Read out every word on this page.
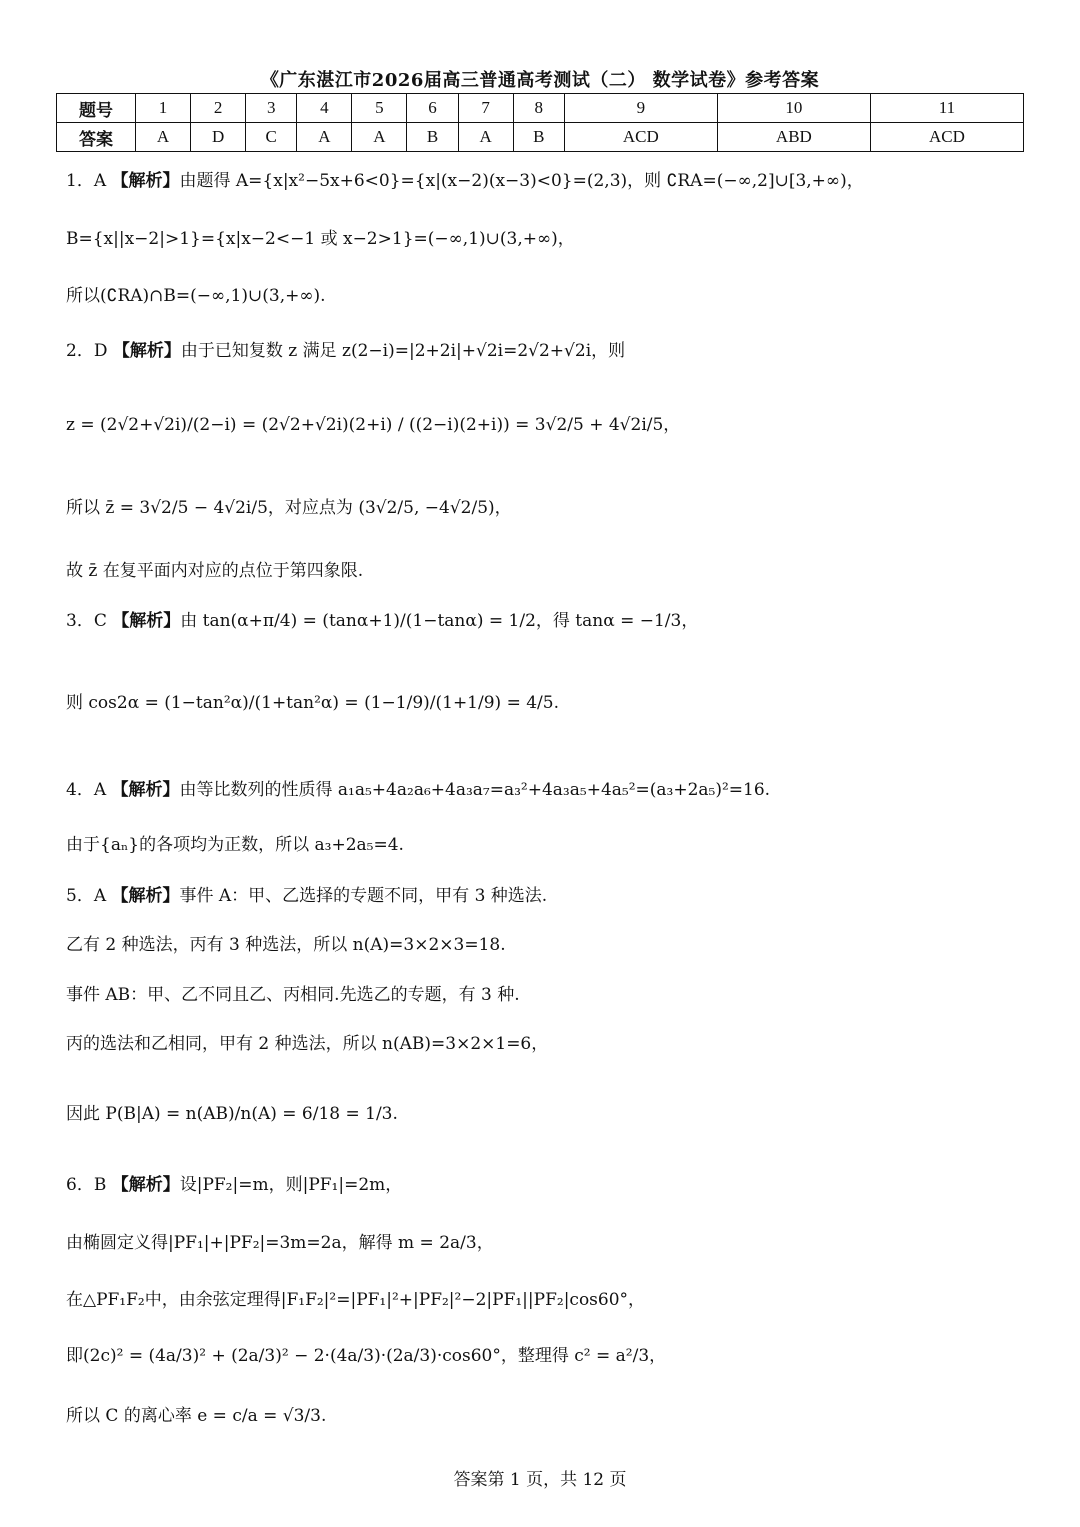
《广东湛江市2026届高三普通高考测试（二） 数学试卷》参考答案
题号	1	2	3	4	5	6	7	8	9	10	11
答案	A	D	C	A	A	B	A	B	ACD	ABD	ACD
1．A 【解析】由题得 A={x|x²−5x+6<0}={x|(x−2)(x−3)<0}=(2,3)，则 ∁RA=(−∞,2]∪[3,+∞)，
B={x||x−2|>1}={x|x−2<−1 或 x−2>1}=(−∞,1)∪(3,+∞)，
所以(∁RA)∩B=(−∞,1)∪(3,+∞).
2．D 【解析】由于已知复数 z 满足 z(2−i)=|2+2i|+√2i=2√2+√2i，则
z = (2√2+√2i)/(2−i) = (2√2+√2i)(2+i) / ((2−i)(2+i)) = 3√2/5 + 4√2i/5，
所以 z̄ = 3√2/5 − 4√2i/5，对应点为 (3√2/5, −4√2/5)，
故 z̄ 在复平面内对应的点位于第四象限.
3．C 【解析】由 tan(α+π/4) = (tanα+1)/(1−tanα) = 1/2，得 tanα = −1/3，
则 cos2α = (1−tan²α)/(1+tan²α) = (1−1/9)/(1+1/9) = 4/5.
4．A 【解析】由等比数列的性质得 a₁a₅+4a₂a₆+4a₃a₇=a₃²+4a₃a₅+4a₅²=(a₃+2a₅)²=16.
由于{aₙ}的各项均为正数，所以 a₃+2a₅=4.
5．A 【解析】事件 A：甲、乙选择的专题不同，甲有 3 种选法.
乙有 2 种选法，丙有 3 种选法，所以 n(A)=3×2×3=18.
事件 AB：甲、乙不同且乙、丙相同.先选乙的专题，有 3 种.
丙的选法和乙相同，甲有 2 种选法，所以 n(AB)=3×2×1=6，
因此 P(B|A) = n(AB)/n(A) = 6/18 = 1/3.
6．B 【解析】设|PF₂|=m，则|PF₁|=2m，
由椭圆定义得|PF₁|+|PF₂|=3m=2a，解得 m = 2a/3，
在△PF₁F₂中，由余弦定理得|F₁F₂|²=|PF₁|²+|PF₂|²−2|PF₁||PF₂|cos60°，
即(2c)² = (4a/3)² + (2a/3)² − 2·(4a/3)·(2a/3)·cos60°，整理得 c² = a²/3，
所以 C 的离心率 e = c/a = √3/3.
答案第 1 页，共 12 页
